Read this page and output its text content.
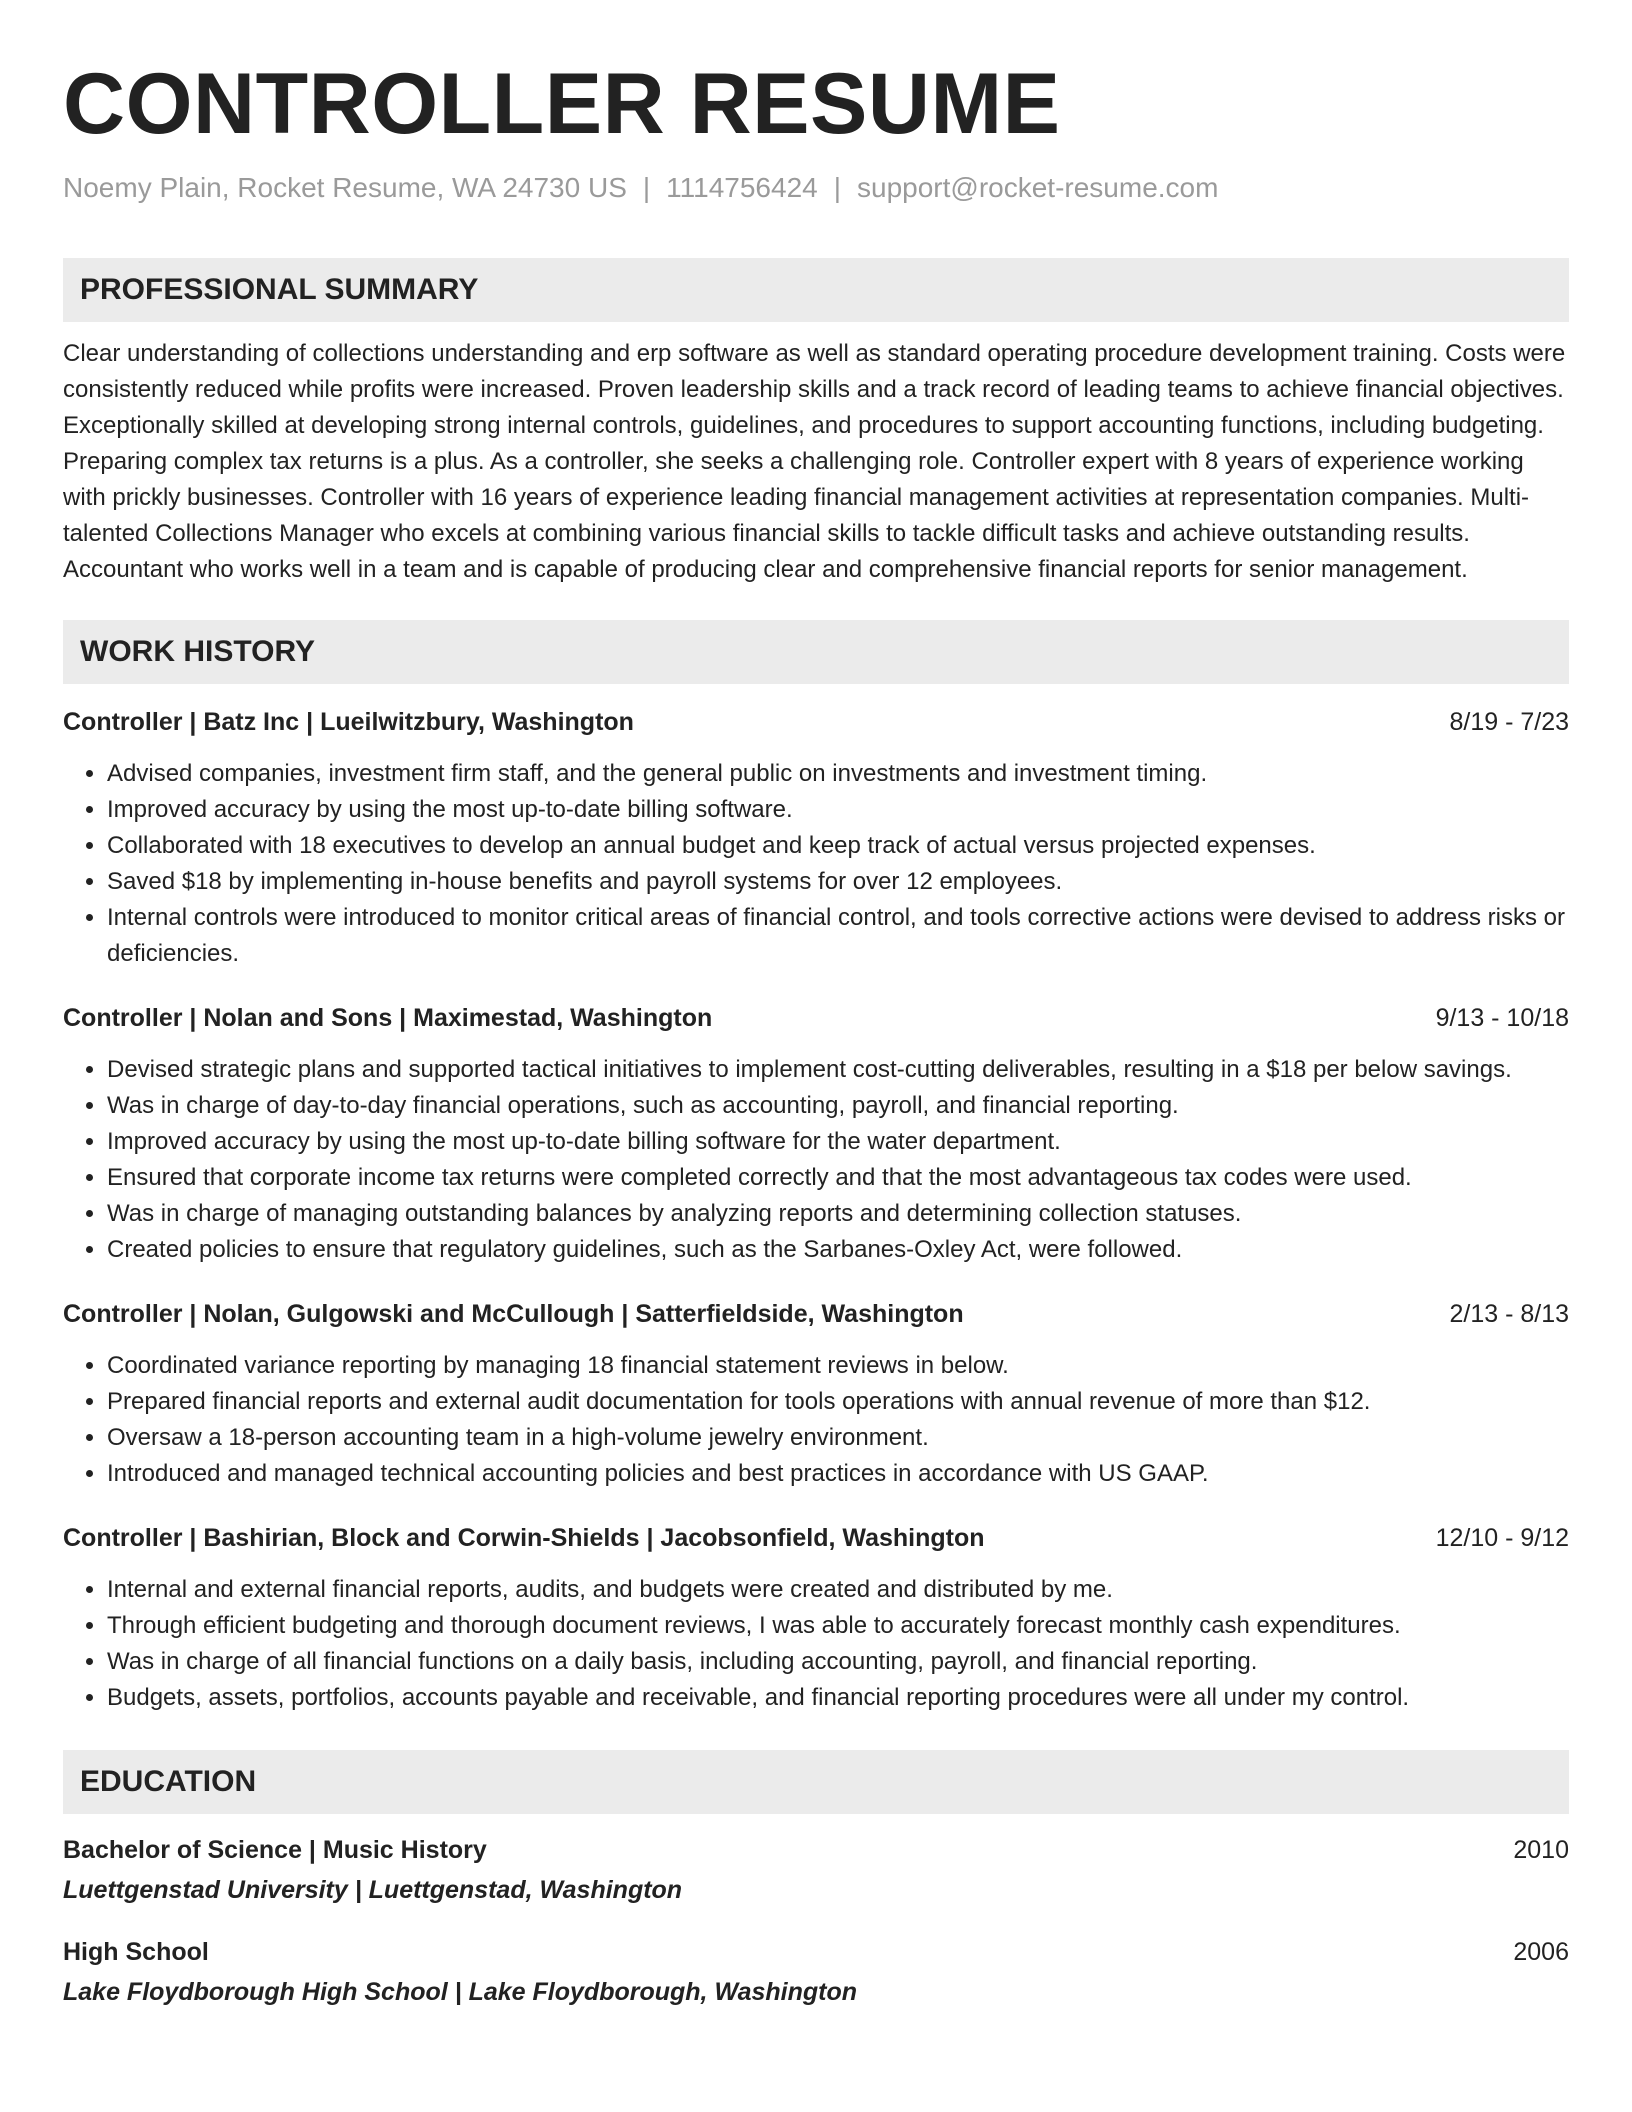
CONTROLLER RESUME
Noemy Plain, Rocket Resume, WA 24730 US | 1114756424 | support@rocket-resume.com
PROFESSIONAL SUMMARY
Clear understanding of collections understanding and erp software as well as standard operating procedure development training. Costs were consistently reduced while profits were increased. Proven leadership skills and a track record of leading teams to achieve financial objectives. Exceptionally skilled at developing strong internal controls, guidelines, and procedures to support accounting functions, including budgeting. Preparing complex tax returns is a plus. As a controller, she seeks a challenging role. Controller expert with 8 years of experience working with prickly businesses. Controller with 16 years of experience leading financial management activities at representation companies. Multi-talented Collections Manager who excels at combining various financial skills to tackle difficult tasks and achieve outstanding results. Accountant who works well in a team and is capable of producing clear and comprehensive financial reports for senior management.
WORK HISTORY
Controller | Batz Inc | Lueilwitzbury, Washington	8/19 - 7/23
• Advised companies, investment firm staff, and the general public on investments and investment timing.
• Improved accuracy by using the most up-to-date billing software.
• Collaborated with 18 executives to develop an annual budget and keep track of actual versus projected expenses.
• Saved $18 by implementing in-house benefits and payroll systems for over 12 employees.
• Internal controls were introduced to monitor critical areas of financial control, and tools corrective actions were devised to address risks or deficiencies.
Controller | Nolan and Sons | Maximestad, Washington	9/13 - 10/18
• Devised strategic plans and supported tactical initiatives to implement cost-cutting deliverables, resulting in a $18 per below savings.
• Was in charge of day-to-day financial operations, such as accounting, payroll, and financial reporting.
• Improved accuracy by using the most up-to-date billing software for the water department.
• Ensured that corporate income tax returns were completed correctly and that the most advantageous tax codes were used.
• Was in charge of managing outstanding balances by analyzing reports and determining collection statuses.
• Created policies to ensure that regulatory guidelines, such as the Sarbanes-Oxley Act, were followed.
Controller | Nolan, Gulgowski and McCullough | Satterfieldside, Washington	2/13 - 8/13
• Coordinated variance reporting by managing 18 financial statement reviews in below.
• Prepared financial reports and external audit documentation for tools operations with annual revenue of more than $12.
• Oversaw a 18-person accounting team in a high-volume jewelry environment.
• Introduced and managed technical accounting policies and best practices in accordance with US GAAP.
Controller | Bashirian, Block and Corwin-Shields | Jacobsonfield, Washington	12/10 - 9/12
• Internal and external financial reports, audits, and budgets were created and distributed by me.
• Through efficient budgeting and thorough document reviews, I was able to accurately forecast monthly cash expenditures.
• Was in charge of all financial functions on a daily basis, including accounting, payroll, and financial reporting.
• Budgets, assets, portfolios, accounts payable and receivable, and financial reporting procedures were all under my control.
EDUCATION
Bachelor of Science | Music History	2010
Luettgenstad University | Luettgenstad, Washington
High School	2006
Lake Floydborough High School | Lake Floydborough, Washington
